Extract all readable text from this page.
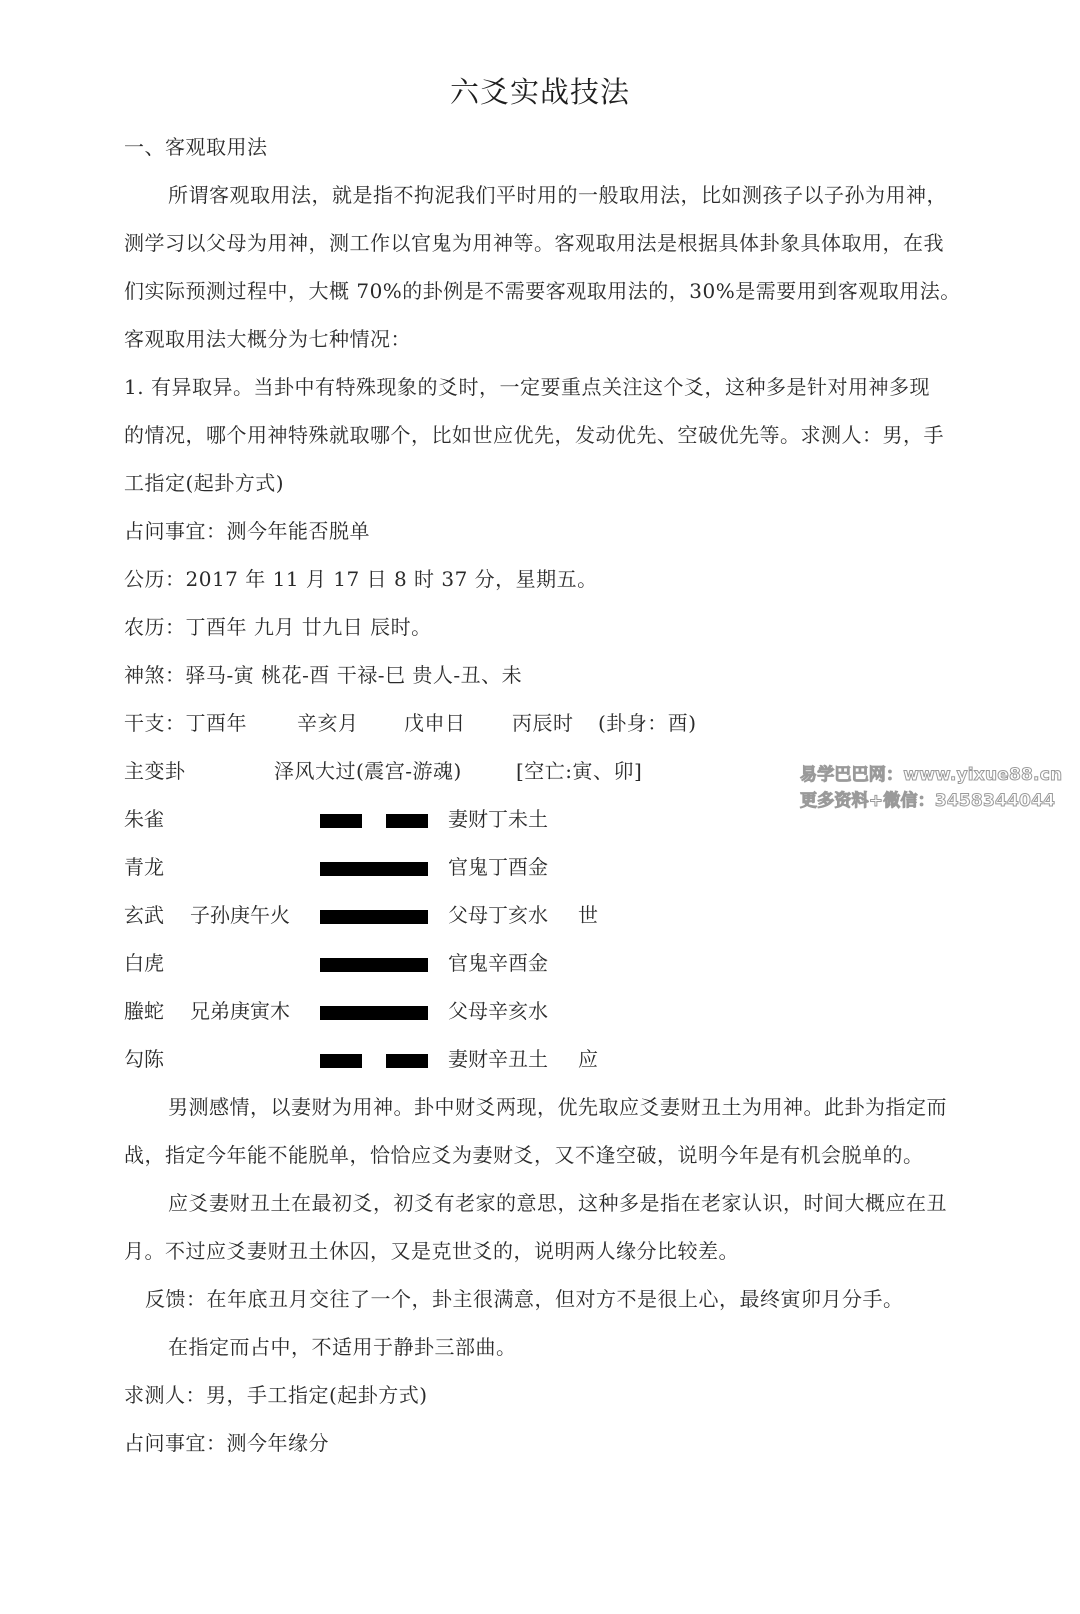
六爻实战技法
一、客观取用法
所谓客观取用法，就是指不拘泥我们平时用的一般取用法，比如测孩子以子孙为用神，
测学习以父母为用神，测工作以官鬼为用神等。客观取用法是根据具体卦象具体取用，在我
们实际预测过程中，大概 70%的卦例是不需要客观取用法的，30%是需要用到客观取用法。
客观取用法大概分为七种情况：
1. 有异取异。当卦中有特殊现象的爻时，一定要重点关注这个爻，这种多是针对用神多现
的情况，哪个用神特殊就取哪个，比如世应优先，发动优先、空破优先等。求测人：男，手
工指定(起卦方式)
占问事宜：测今年能否脱单
公历：2017 年 11 月 17 日 8 时 37 分，星期五。
农历：丁酉年 九月 廿九日 辰时。
神煞：驿马-寅 桃花-酉 干禄-巳 贵人-丑、未
干支：丁酉年	辛亥月 戊申日 丙辰时 (卦身：酉)
主变卦	泽风大过(震宫-游魂)	[空亡:寅、卯]
朱雀	妻财丁未土
青龙	官鬼丁酉金
玄武 子孙庚午火	父母丁亥水 世
白虎	官鬼辛酉金
螣蛇 兄弟庚寅木	父母辛亥水
勾陈	妻财辛丑土 应
男测感情，以妻财为用神。卦中财爻两现，优先取应爻妻财丑土为用神。此卦为指定而
战，指定今年能不能脱单，恰恰应爻为妻财爻，又不逢空破，说明今年是有机会脱单的。
应爻妻财丑土在最初爻，初爻有老家的意思，这种多是指在老家认识，时间大概应在丑
月。不过应爻妻财丑土休囚，又是克世爻的，说明两人缘分比较差。
反馈：在年底丑月交往了一个，卦主很满意，但对方不是很上心，最终寅卯月分手。
在指定而占中，不适用于静卦三部曲。
求测人：男，手工指定(起卦方式)
占问事宜：测今年缘分
易学巴巴网：www.yixue88.cn
更多资料+微信：3458344044
